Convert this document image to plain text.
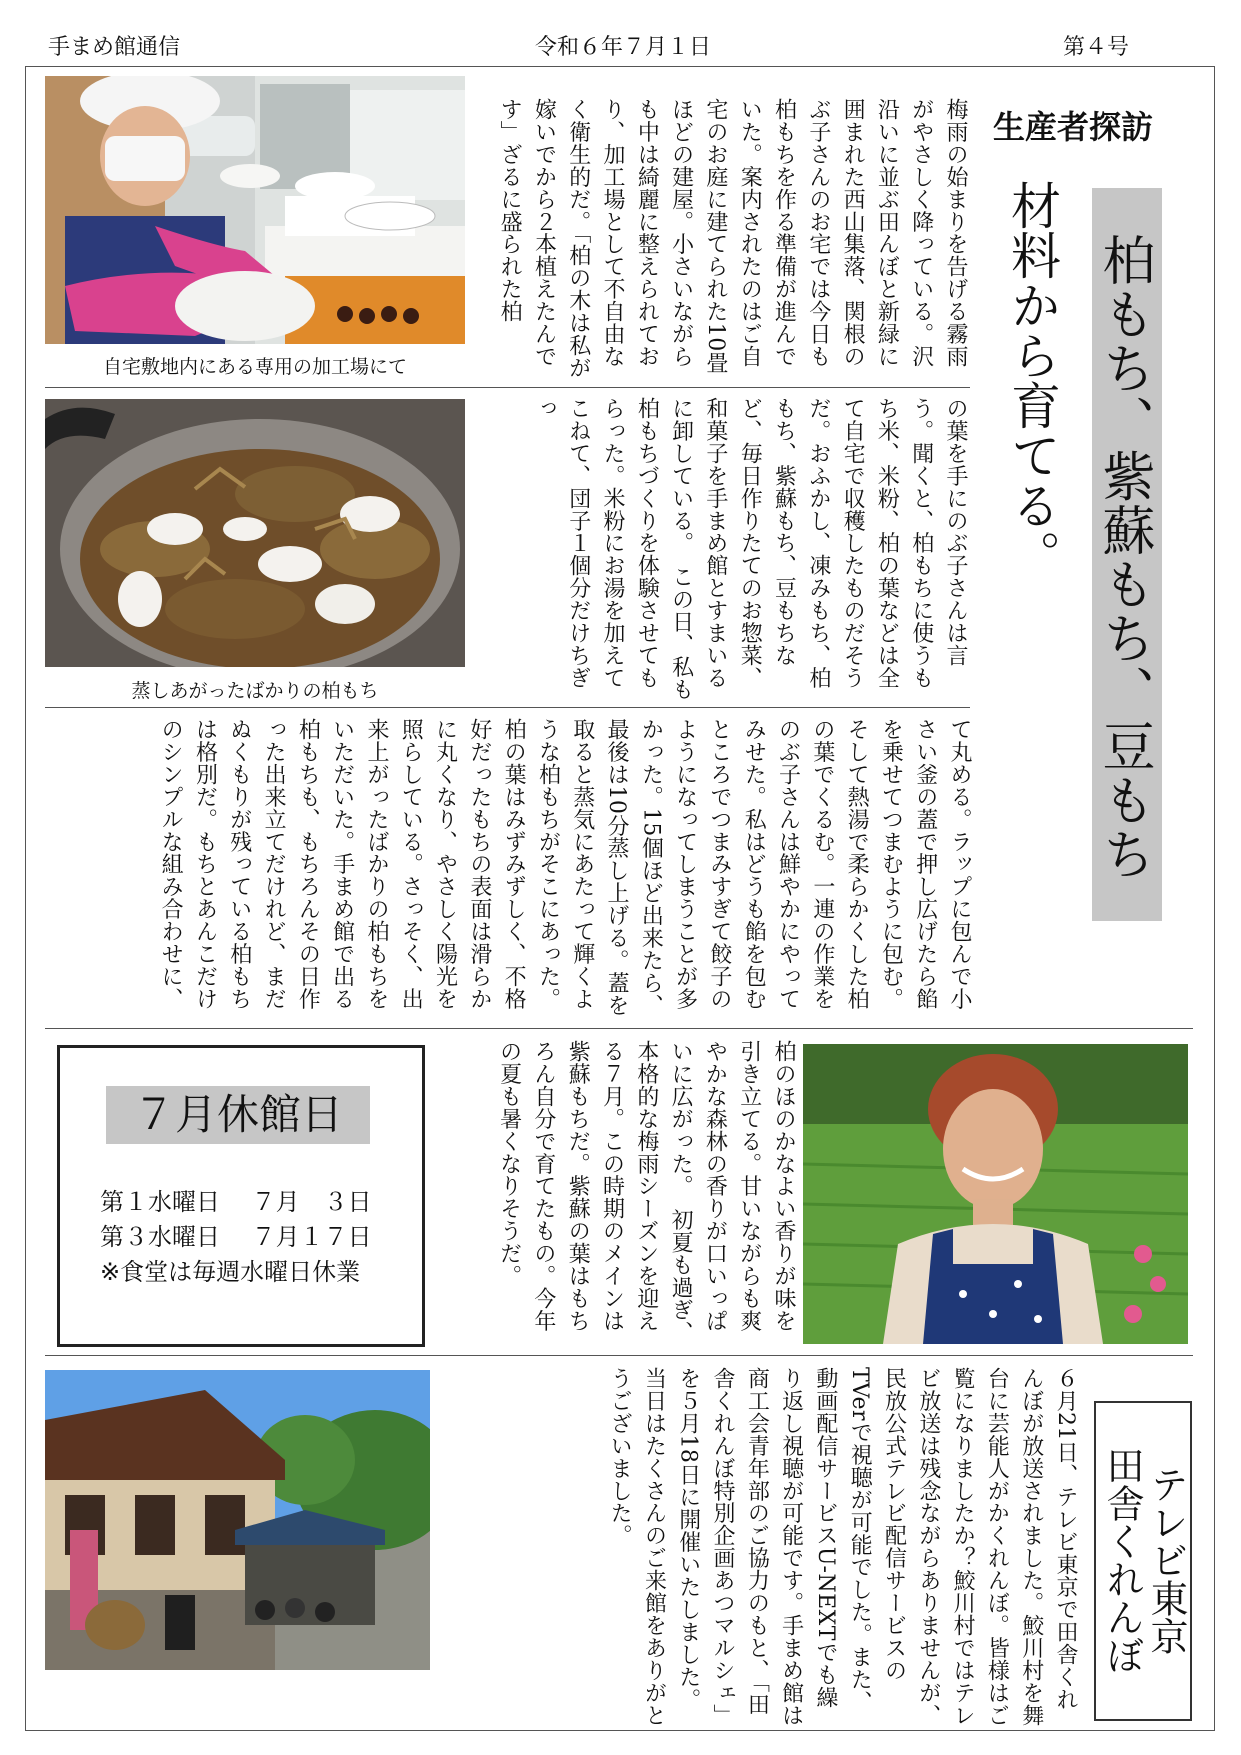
手まめ館通信	令和６年７月１日	第４号
自宅敷地内にある専用の加工場にて
蒸しあがったばかりの柏もち
生産者探訪
柏もち、紫蘇もち、豆もち
材料から育てる。
梅雨の始まりを告げる霧雨がやさしく降っている。沢沿いに並ぶ田んぼと新緑に囲まれた西山集落、関根のぶ子さんのお宅では今日も柏もちを作る準備が進んでいた。案内されたのはご自宅のお庭に建てられた10畳ほどの建屋。小さいながらも中は綺麗に整えられており、加工場として不自由なく衛生的だ。「柏の木は私が嫁いでから２本植えたんです」ざるに盛られた柏
の葉を手にのぶ子さんは言う。聞くと、柏もちに使うもち米、米粉、柏の葉などは全て自宅で収穫したものだそうだ。おふかし、凍みもち、柏もち、紫蘇もち、豆もちなど、毎日作りたてのお惣菜、和菓子を手まめ館とすまいるに卸している。　この日、私も柏もちづくりを体験させてもらった。米粉にお湯を加えてこねて、団子１個分だけちぎっ
て丸める。ラップに包んで小さい釜の蓋で押し広げたら餡を乗せてつまむように包む。そして熱湯で柔らかくした柏の葉でくるむ。一連の作業をのぶ子さんは鮮やかにやってみせた。私はどうも餡を包むところでつまみすぎて餃子のようになってしまうことが多かった。15個ほど出来たら、最後は10分蒸し上げる。蓋を取ると蒸気にあたって輝くような柏もちがそこにあった。柏の葉はみずみずしく、不格好だったもちの表面は滑らかに丸くなり、やさしく陽光を照らしている。さっそく、出来上がったばかりの柏もちをいただいた。手まめ館で出る柏もちも、もちろんその日作った出来立てだけれど、まだぬくもりが残っている柏もちは格別だ。もちとあんこだけのシンプルな組み合わせに、
柏のほのかなよい香りが味を引き立てる。甘いながらも爽やかな森林の香りが口いっぱいに広がった。　初夏も過ぎ、本格的な梅雨シーズンを迎える７月。この時期のメインは紫蘇もちだ。紫蘇の葉はもちろん自分で育てたもの。今年の夏も暑くなりそうだ。
７月休館日
第１水曜日　 ７月　３日
第３水曜日　 ７月１７日
※食堂は毎週水曜日休業
テレビ東京
田舎くれんぼ
６月21日、テレビ東京で田舎くれんぼが放送されました。鮫川村を舞台に芸能人がかくれんぼ。皆様はご覧になりましたか？鮫川村ではテレビ放送は残念ながらありませんが、民放公式テレビ配信サービスのTVerで視聴が可能でした。また、動画配信サービスU-NEXTでも繰り返し視聴が可能です。手まめ館は商工会青年部のご協力のもと、「田舎くれんぼ特別企画あつマルシェ」を５月18日に開催いたしました。当日はたくさんのご来館をありがとうございました。
